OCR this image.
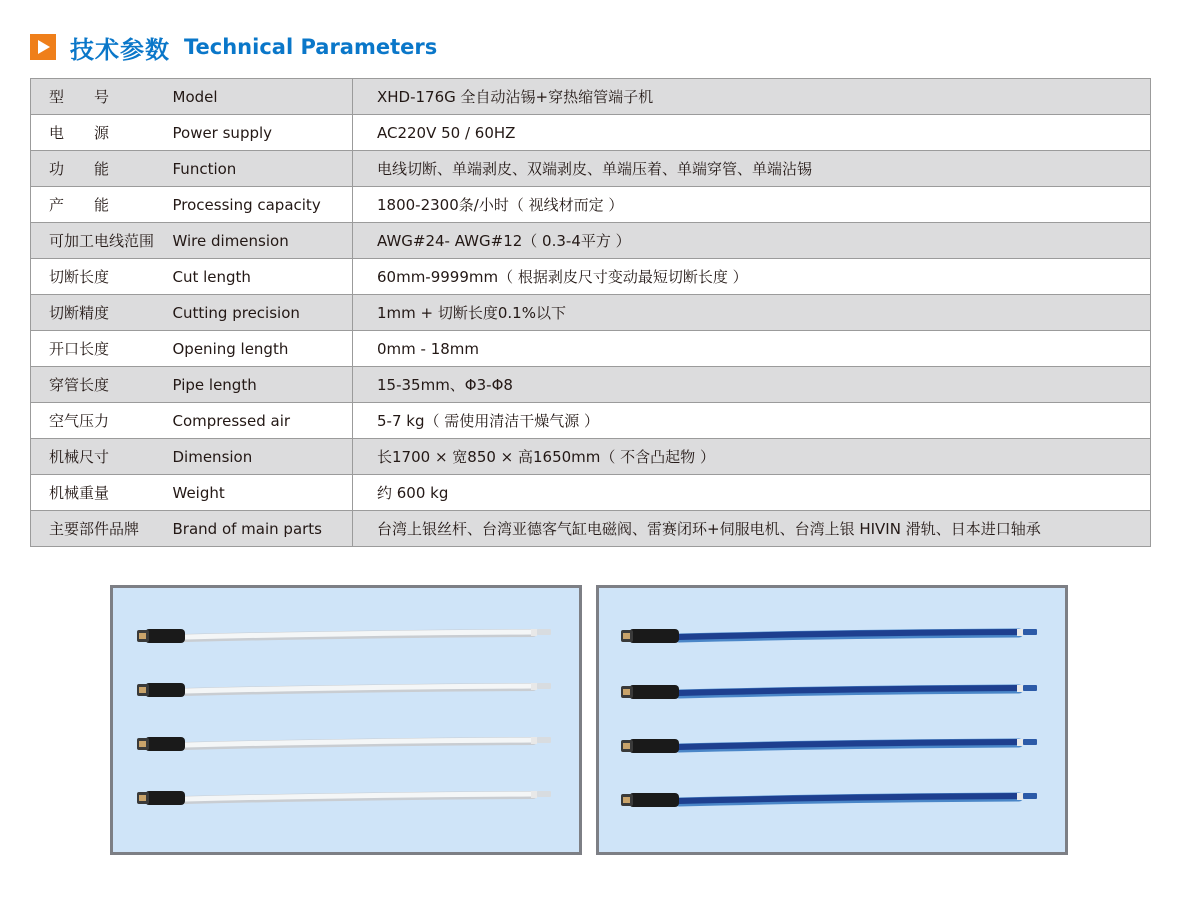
技术参数 Technical Parameters
型　　号	Model	XHD-176G 全自动沾锡+穿热缩管端子机
电　　源	Power supply	AC220V 50 / 60HZ
功　　能	Function	电线切断、单端剥皮、双端剥皮、单端压着、单端穿管、单端沾锡
产　　能	Processing capacity	1800-2300条/小时（ 视线材而定 ）
可加工电线范围	Wire dimension	AWG#24- AWG#12（ 0.3-4平方 ）
切断长度	Cut length	60mm-9999mm（ 根据剥皮尺寸变动最短切断长度 ）
切断精度	Cutting precision	1mm + 切断长度0.1%以下
开口长度	Opening length	0mm - 18mm
穿管长度	Pipe length	15-35mm、Φ3-Φ8
空气压力	Compressed air	5-7 kg（ 需使用清洁干燥气源 ）
机械尺寸	Dimension	长1700 × 宽850 × 高1650mm（ 不含凸起物 ）
机械重量	Weight	约 600 kg
主要部件品牌	Brand of main parts	台湾上银丝杆、台湾亚德客气缸电磁阀、雷赛闭环+伺服电机、台湾上银 HIVIN 滑轨、日本进口轴承
